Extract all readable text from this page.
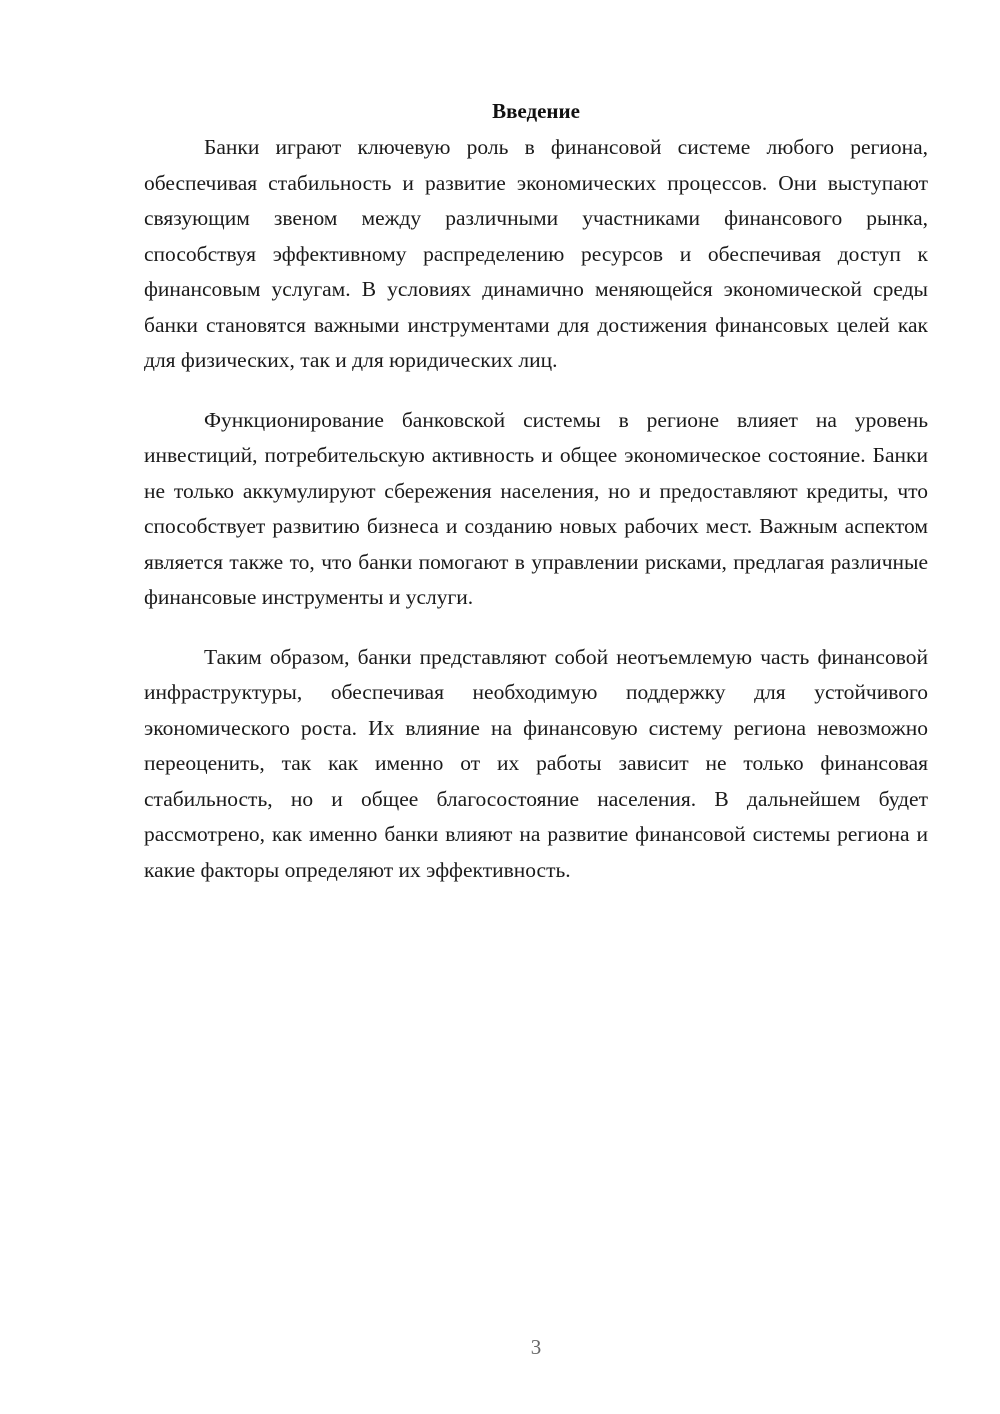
Введение

Банки играют ключевую роль в финансовой системе любого региона, обеспечивая стабильность и развитие экономических процессов. Они выступают связующим звеном между различными участниками финансового рынка, способствуя эффективному распределению ресурсов и обеспечивая доступ к финансовым услугам. В условиях динамично меняющейся экономической среды банки становятся важными инструментами для достижения финансовых целей как для физических, так и для юридических лиц.

Функционирование банковской системы в регионе влияет на уровень инвестиций, потребительскую активность и общее экономическое состояние. Банки не только аккумулируют сбережения населения, но и предоставляют кредиты, что способствует развитию бизнеса и созданию новых рабочих мест. Важным аспектом является также то, что банки помогают в управлении рисками, предлагая различные финансовые инструменты и услуги.

Таким образом, банки представляют собой неотъемлемую часть финансовой инфраструктуры, обеспечивая необходимую поддержку для устойчивого экономического роста. Их влияние на финансовую систему региона невозможно переоценить, так как именно от их работы зависит не только финансовая стабильность, но и общее благосостояние населения. В дальнейшем будет рассмотрено, как именно банки влияют на развитие финансовой системы региона и какие факторы определяют их эффективность.

3
